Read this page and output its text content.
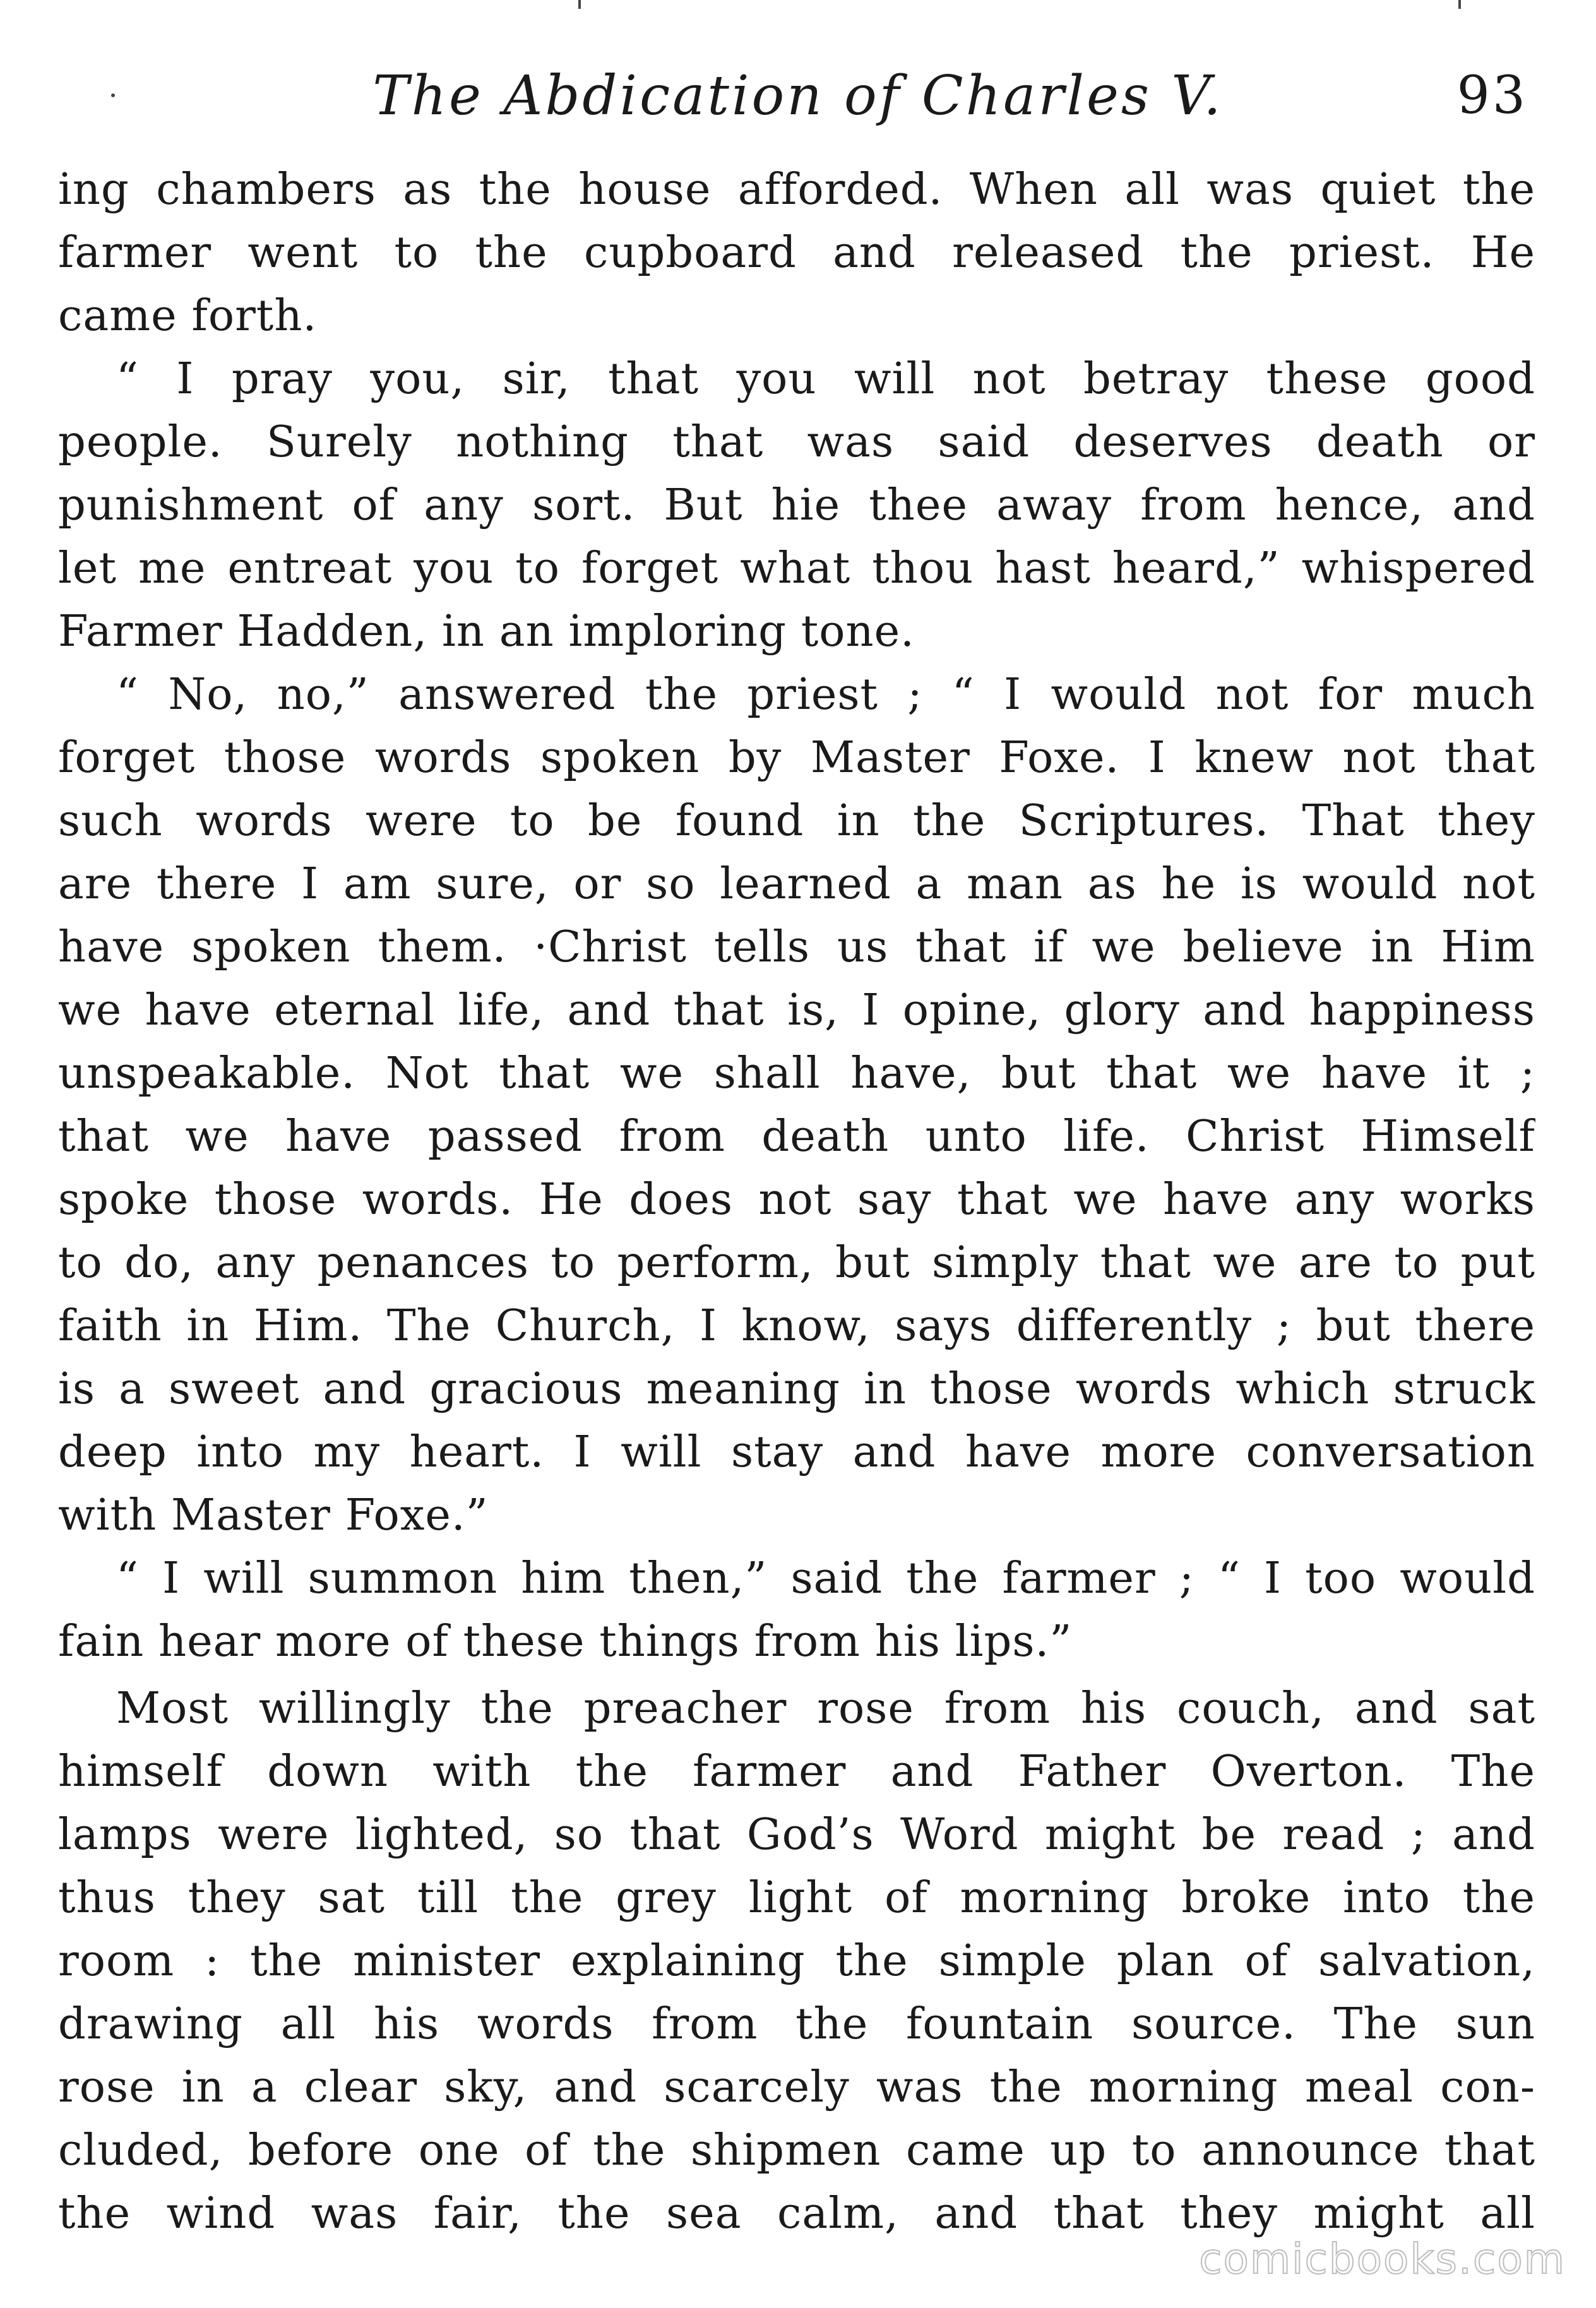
The Abdication of Charles V.	93
ing chambers as the house afforded. When all was quiet the
farmer went to the cupboard and released the priest. He
came forth.
“ I pray you, sir, that you will not betray these good
people. Surely nothing that was said deserves death or
punishment of any sort. But hie thee away from hence, and
let me entreat you to forget what thou hast heard,” whispered
Farmer Hadden, in an imploring tone.
“ No, no,” answered the priest ; “ I would not for much
forget those words spoken by Master Foxe. I knew not that
such words were to be found in the Scriptures. That they
are there I am sure, or so learned a man as he is would not
have spoken them. ·Christ tells us that if we believe in Him
we have eternal life, and that is, I opine, glory and happiness
unspeakable. Not that we shall have, but that we have it ;
that we have passed from death unto life. Christ Himself
spoke those words. He does not say that we have any works
to do, any penances to perform, but simply that we are to put
faith in Him. The Church, I know, says differently ; but there
is a sweet and gracious meaning in those words which struck
deep into my heart. I will stay and have more conversation
with Master Foxe.”
“ I will summon him then,” said the farmer ; “ I too would
fain hear more of these things from his lips.”
Most willingly the preacher rose from his couch, and sat
himself down with the farmer and Father Overton. The
lamps were lighted, so that God’s Word might be read ; and
thus they sat till the grey light of morning broke into the
room : the minister explaining the simple plan of salvation,
drawing all his words from the fountain source. The sun
rose in a clear sky, and scarcely was the morning meal con-
cluded, before one of the shipmen came up to announce that
the wind was fair, the sea calm, and that they might all
comicbooks.com
